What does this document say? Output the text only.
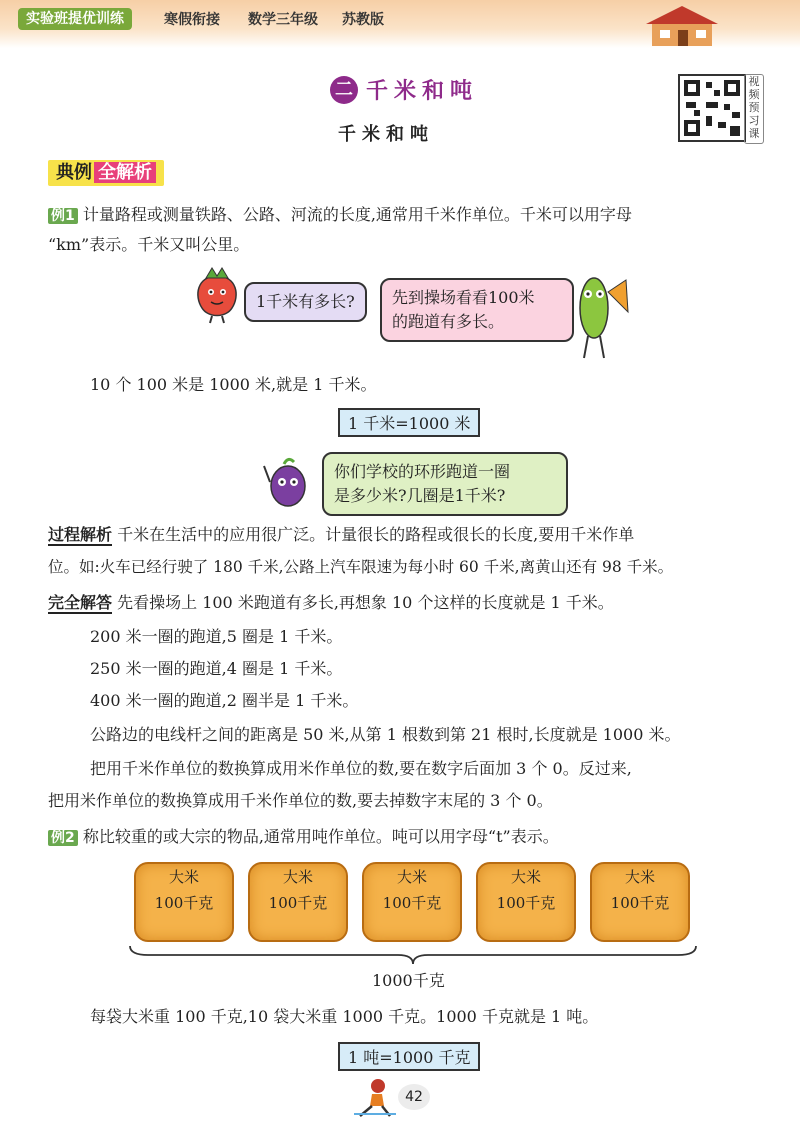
实验班提优训练	寒假衔接 数学三年级 苏教版
二 千米和吨
千米和吨
视
频
预
习
课
典例 全解析
例1 计量路程或测量铁路、公路、河流的长度,通常用千米作单位。千米可以用字母
“km”表示。千米又叫公里。
1千米有多长?	先到操场看看100米
的跑道有多长。
10 个 100 米是 1000 米,就是 1 千米。
1 千米=1000 米
你们学校的环形跑道一圈
是多少米?几圈是1千米?
过程解析 千米在生活中的应用很广泛。计量很长的路程或很长的长度,要用千米作单
位。如:火车已经行驶了 180 千米,公路上汽车限速为每小时 60 千米,离黄山还有 98 千米。
完全解答 先看操场上 100 米跑道有多长,再想象 10 个这样的长度就是 1 千米。
200 米一圈的跑道,5 圈是 1 千米。
250 米一圈的跑道,4 圈是 1 千米。
400 米一圈的跑道,2 圈半是 1 千米。
公路边的电线杆之间的距离是 50 米,从第 1 根数到第 21 根时,长度就是 1000 米。
把用千米作单位的数换算成用米作单位的数,要在数字后面加 3 个 0。反过来,
把用米作单位的数换算成用千米作单位的数,要去掉数字末尾的 3 个 0。
例2 称比较重的或大宗的物品,通常用吨作单位。吨可以用字母“t”表示。
大米
100千克
大米
100千克
大米
100千克
大米
100千克
大米
100千克
1000千克
每袋大米重 100 千克,10 袋大米重 1000 千克。1000 千克就是 1 吨。
1 吨=1000 千克
42
